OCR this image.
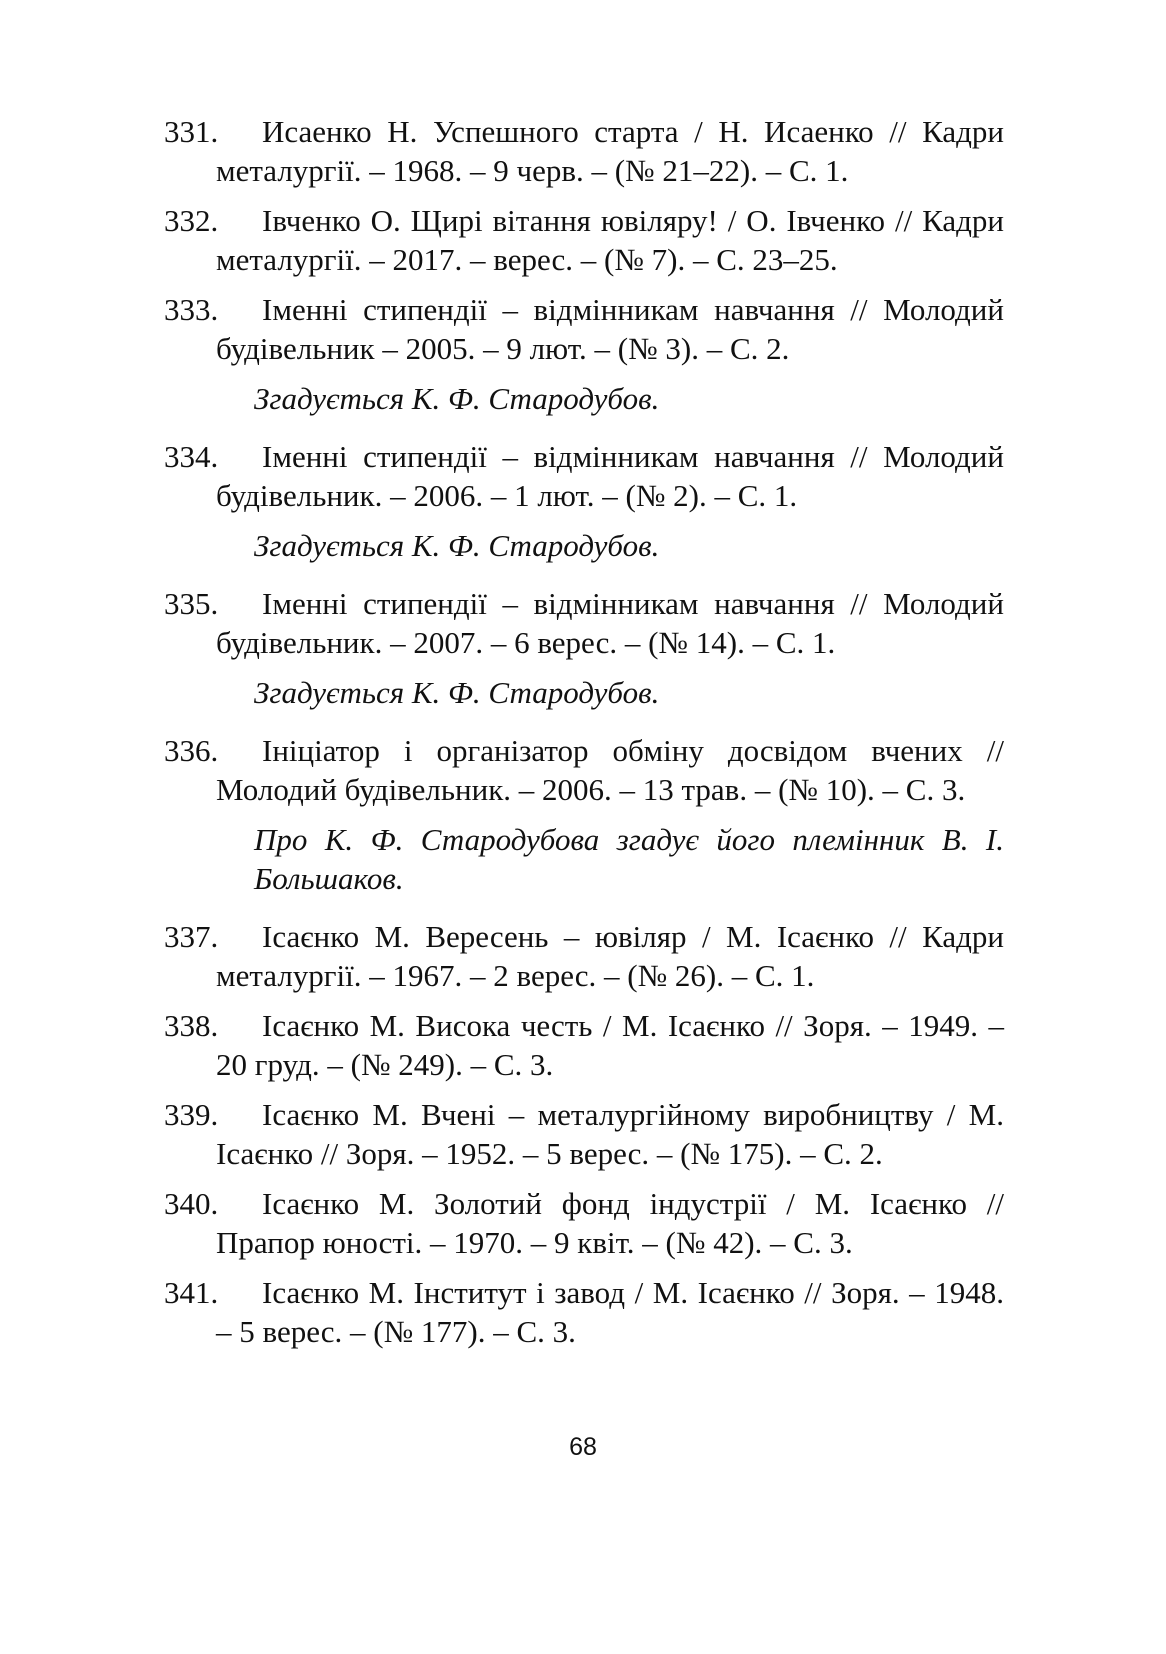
331. Исаенко Н. Успешного старта / Н. Исаенко // Кадри металургії. – 1968. – 9 черв. – (№ 21–22). – С. 1.
332. Івченко О. Щирі вітання ювіляру! / О. Івченко // Кадри металургії. – 2017. – верес. – (№ 7). – С. 23–25.
333. Іменні стипендії – відмінникам навчання // Молодий будівельник – 2005. – 9 лют. – (№ 3). – С. 2.
Згадується К. Ф. Стародубов.
334. Іменні стипендії – відмінникам навчання // Молодий будівельник. – 2006. – 1 лют. – (№ 2). – С. 1.
Згадується К. Ф. Стародубов.
335. Іменні стипендії – відмінникам навчання // Молодий будівельник. – 2007. – 6 верес. – (№ 14). – С. 1.
Згадується К. Ф. Стародубов.
336. Ініціатор і організатор обміну досвідом вчених // Молодий будівельник. – 2006. – 13 трав. – (№ 10). – С. 3.
Про К. Ф. Стародубова згадує його племінник В. І. Большаков.
337. Ісаєнко М. Вересень – ювіляр / М. Ісаєнко // Кадри металургії. – 1967. – 2 верес. – (№ 26). – С. 1.
338. Ісаєнко М. Висока честь / М. Ісаєнко // Зоря. – 1949. – 20 груд. – (№ 249). – С. 3.
339. Ісаєнко М. Вчені – металургійному виробництву / М. Ісаєнко // Зоря. – 1952. – 5 верес. – (№ 175). – С. 2.
340. Ісаєнко М. Золотий фонд індустрії / М. Ісаєнко // Прапор юності. – 1970. – 9 квіт. – (№ 42). – С. 3.
341. Ісаєнко М. Інститут і завод / М. Ісаєнко // Зоря. – 1948. – 5 верес. – (№ 177). – С. 3.
68
